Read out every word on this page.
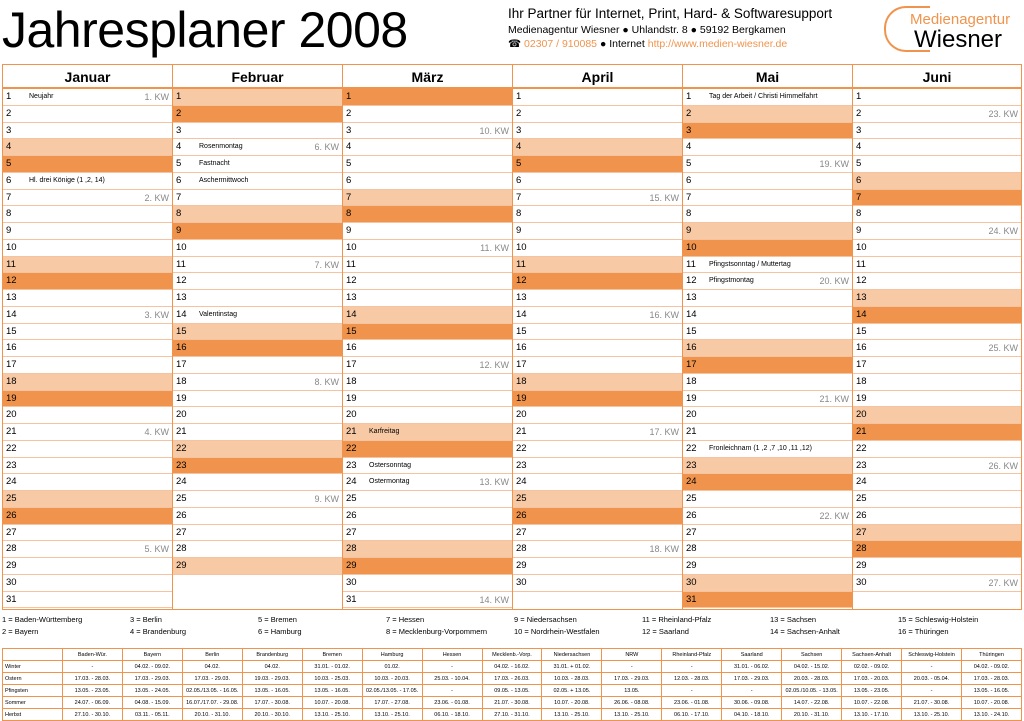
Jahresplaner 2008	Ihr Partner für Internet, Print, Hard- & Softwaresupport
Medienagentur Wiesner ● Uhlandstr. 8 ● 59192 Bergkamen
☎ 02307 / 910085 ● Internet http://www.medien-wiesner.de
Medienagentur
Wiesner
Januar
1	Neujahr	1. KW
2
3
4
5
6	Hl. drei Könige (1 ,2, 14)
7	2. KW
8
9
10
11
12
13
14	3. KW
15
16
17
18
19
20
21	4. KW
22
23
24
25
26
27
28	5. KW
29
30
31
Februar
1
2
3
4	Rosenmontag	6. KW
5	Fastnacht
6	Aschermittwoch
7
8
9
10
11	7. KW
12
13
14 Valentinstag
15
16
17
18	8. KW
19
20
21
22
23
24
25	9. KW
26
27
28
29
März
1
2
3	10. KW
4
5
6
7
8
9
10	11. KW
11
12
13
14
15
16
17	12. KW
18
19
20
21 Karfreitag
22
23 Ostersonntag
24 Ostermontag	13. KW
25
26
27
28
29
30
31	14. KW
April
1
2
3
4
5
6
7	15. KW
8
9
10
11
12
13
14	16. KW
15
16
17
18
19
20
21	17. KW
22
23
24
25
26
27
28	18. KW
29
30
Mai
1	Tag der Arbeit / Christi Himmelfahrt
2
3
4
5	19. KW
6
7
8
9
10
11 Pfingstsonntag / Muttertag
12 Pfingstmontag	20. KW
13
14
15
16
17
18
19	21. KW
20
21
22 Fronleichnam (1 ,2 ,7 ,10 ,11 ,12)
23
24
25
26	22. KW
27
28
29
30
31
Juni
1
2	23. KW
3
4
5
6
7
8
9	24. KW
10
11
12
13
14
15
16	25. KW
17
18
19
20
21
22
23	26. KW
24
25
26
27
28
29
30	27. KW
1 = Baden-Württemberg
2 = Bayern
3 = Berlin
4 = Brandenburg
5 = Bremen
6 = Hamburg
7 = Hessen
8 = Mecklenburg-Vorpommern
9 = Niedersachsen
10 = Nordrhein-Westfalen
11 = Rheinland-Pfalz
12 = Saarland
13 = Sachsen
14 = Sachsen-Anhalt
15 = Schleswig-Holstein
16 = Thüringen
	Baden-Wür.	Bayern	Berlin	Brandenburg	Bremen	Hamburg	Hessen	Mecklenb.-Vorp.	Niedersachsen	NRW	Rheinland-Pfalz	Saarland	Sachsen	Sachsen-Anhalt	Schleswig-Holstein	Thüringen
Winter	-	04.02. - 09.02.	04.02.	04.02.	31.01. - 01.02.	01.02.	-	04.02. - 16.02.	31.01. + 01.02.	-	-	31.01. - 06.02.	04.02. - 15.02.	02.02. - 09.02.	-	04.02. - 09.02.
Ostern	17.03. - 28.03.	17.03. - 29.03.	17.03. - 29.03.	19.03. - 29.03.	10.03. - 25.03.	10.03. - 20.03.	25.03. - 10.04.	17.03. - 26.03.	10.03. - 28.03.	17.03. - 29.03.	12.03. - 28.03.	17.03. - 29.03.	20.03. - 28.03.	17.03. - 20.03.	20.03. - 05.04.	17.03. - 28.03.
Pfingsten	13.05. - 23.05.	13.05. - 24.05.	02.05./13.05. - 16.05.	13.05. - 16.05.	13.05. - 16.05.	02.05./13.05. - 17.05.	-	09.05. - 13.05.	02.05. + 13.05.	13.05.	-	-	02.05./10.05. - 13.05.	13.05. - 23.05.	-	13.05. - 16.05.
Sommer	24.07. - 06.09.	04.08. - 15.09.	16.07./17.07. - 29.08.	17.07. - 30.08.	10.07. - 20.08.	17.07. - 27.08.	23.06. - 01.08.	21.07. - 30.08.	10.07. - 20.08.	26.06. - 08.08.	23.06. - 01.08.	30.06. - 09.08.	14.07. - 22.08.	10.07. - 22.08.	21.07. - 30.08.	10.07. - 20.08.
Herbst	27.10. - 30.10.	03.11. - 05.11.	20.10. - 31.10.	20.10. - 30.10.	13.10. - 25.10.	13.10. - 25.10.	06.10. - 18.10.	27.10. - 31.10.	13.10. - 25.10.	13.10. - 25.10.	06.10. - 17.10.	04.10. - 18.10.	20.10. - 31.10.	13.10. - 17.10.	13.10. - 25.10.	13.10. - 24.10.
